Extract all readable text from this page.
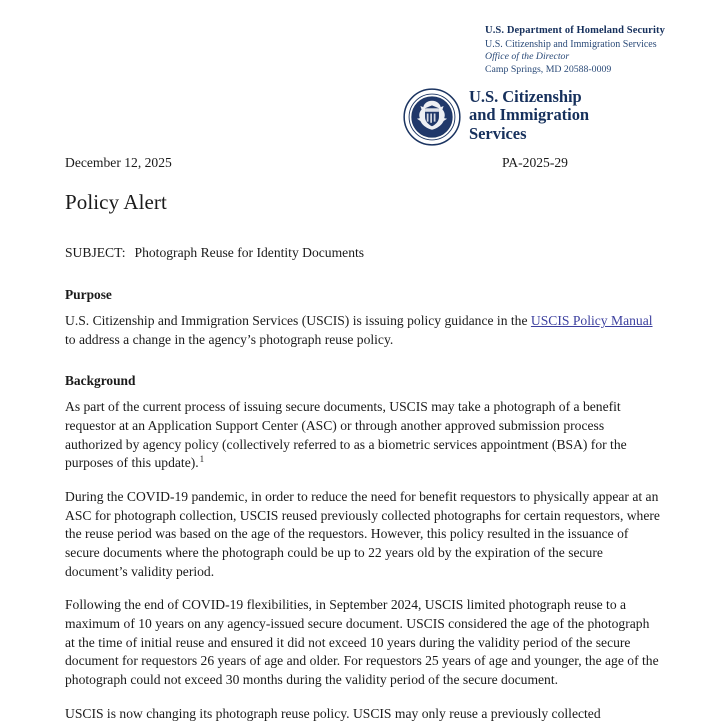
U.S. Department of Homeland Security
U.S. Citizenship and Immigration Services
Office of the Director
Camp Springs, MD 20588-0009
U.S. Citizenship
and Immigration
Services
December 12, 2025	PA-2025-29
Policy Alert
SUBJECT: Photograph Reuse for Identity Documents
Purpose

U.S. Citizenship and Immigration Services (USCIS) is issuing policy guidance in the USCIS Policy Manual to address a change in the agency’s photograph reuse policy.

Background

As part of the current process of issuing secure documents, USCIS may take a photograph of a benefit requestor at an Application Support Center (ASC) or through another approved submission process authorized by agency policy (collectively referred to as a biometric services appointment (BSA) for the purposes of this update).$^1$

During the COVID-19 pandemic, in order to reduce the need for benefit requestors to physically appear at an ASC for photograph collection, USCIS reused previously collected photographs for certain requestors, where the reuse period was based on the age of the requestors. However, this policy resulted in the issuance of secure documents where the photograph could be up to 22 years old by the expiration of the secure document’s validity period.

Following the end of COVID-19 flexibilities, in September 2024, USCIS limited photograph reuse to a maximum of 10 years on any agency-issued secure document. USCIS considered the age of the photograph at the time of initial reuse and ensured it did not exceed 10 years during the validity period of the secure document for requestors 26 years of age and older. For requestors 25 years of age and younger, the age of the photograph could not exceed 30 months during the validity period of the secure document.

USCIS is now changing its photograph reuse policy. USCIS may only reuse a previously collected
